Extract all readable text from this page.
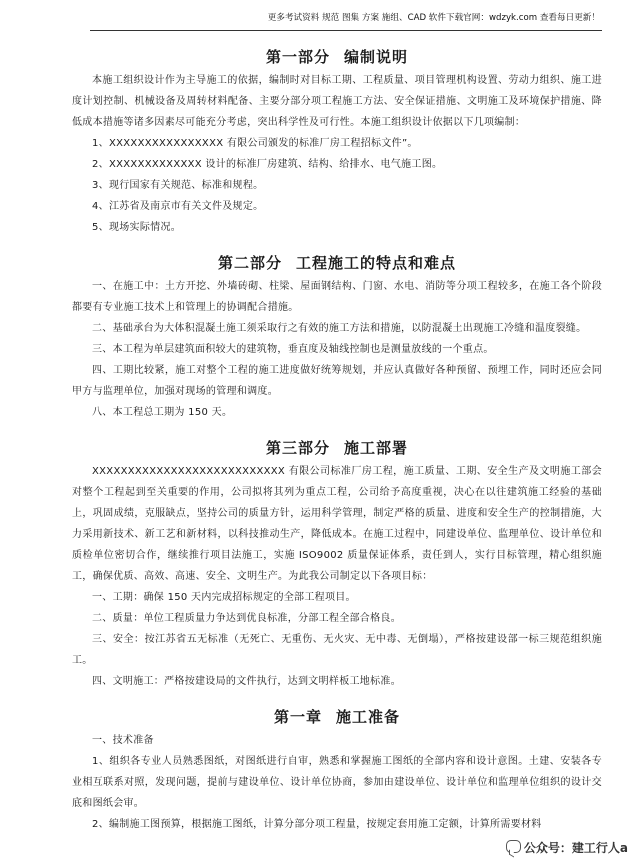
更多考试资料 规范 图集 方案 施组、CAD 软件下载官网：wdzyk.com 查看每日更新！
第一部分 编制说明

本施工组织设计作为主导施工的依据，编制时对目标工期、工程质量、项目管理机构设置、劳动力组织、施工进度计划控制、机械设备及周转材料配备、主要分部分项工程施工方法、安全保证措施、文明施工及环境保护措施、降低成本措施等诸多因素尽可能充分考虑，突出科学性及可行性。本施工组织设计依据以下几项编制：

1、XXXXXXXXXXXXXXXX 有限公司颁发的标准厂房工程招标文件”。

2、XXXXXXXXXXXXX 设计的标准厂房建筑、结构、给排水、电气施工图。

3、现行国家有关规范、标准和规程。

4、江苏省及南京市有关文件及规定。

5、现场实际情况。

第二部分 工程施工的特点和难点

一、在施工中：土方开挖、外墙砖砌、柱梁、屋面钢结构、门窗、水电、消防等分项工程较多，在施工各个阶段都要有专业施工技术上和管理上的协调配合措施。

二、基础承台为大体积混凝土施工须采取行之有效的施工方法和措施，以防混凝土出现施工冷缝和温度裂缝。

三、本工程为单层建筑面积较大的建筑物，垂直度及轴线控制也是测量放线的一个重点。

四、工期比较紧，施工对整个工程的施工进度做好统筹规划，并应认真做好各种预留、预埋工作，同时还应会同甲方与监理单位，加强对现场的管理和调度。

八、本工程总工期为 150 天。

第三部分 施工部署

XXXXXXXXXXXXXXXXXXXXXXXXXXX 有限公司标准厂房工程，施工质量、工期、安全生产及文明施工部会对整个工程起到至关重要的作用，公司拟将其列为重点工程，公司给予高度重视，决心在以往建筑施工经验的基础上，巩固成绩，克服缺点，坚持公司的质量方针，运用科学管理，制定严格的质量、进度和安全生产的控制措施，大力采用新技术、新工艺和新材料，以科技推动生产，降低成本。在施工过程中，同建设单位、监理单位、设计单位和质检单位密切合作，继续推行项目法施工，实施 ISO9002 质量保证体系，责任到人，实行目标管理，精心组织施工，确保优质、高效、高速、安全、文明生产。为此我公司制定以下各项目标：

一、工期：确保 150 天内完成招标规定的全部工程项目。

二、质量：单位工程质量力争达到优良标准，分部工程全部合格良。

三、安全：按江苏省五无标准（无死亡、无重伤、无火灾、无中毒、无倒塌），严格按建设部一标三规范组织施工。

四、文明施工：严格按建设局的文件执行，达到文明样板工地标准。

第一章 施工准备

一、技术准备

1、组织各专业人员熟悉图纸，对图纸进行自审，熟悉和掌握施工图纸的全部内容和设计意图。土建、安装各专业相互联系对照，发现问题，提前与建设单位、设计单位协商，参加由建设单位、设计单位和监理单位组织的设计交底和图纸会审。

2、编制施工图预算，根据施工图纸，计算分部分项工程量，按规定套用施工定额，计算所需要材料

公众号：建工行人a
